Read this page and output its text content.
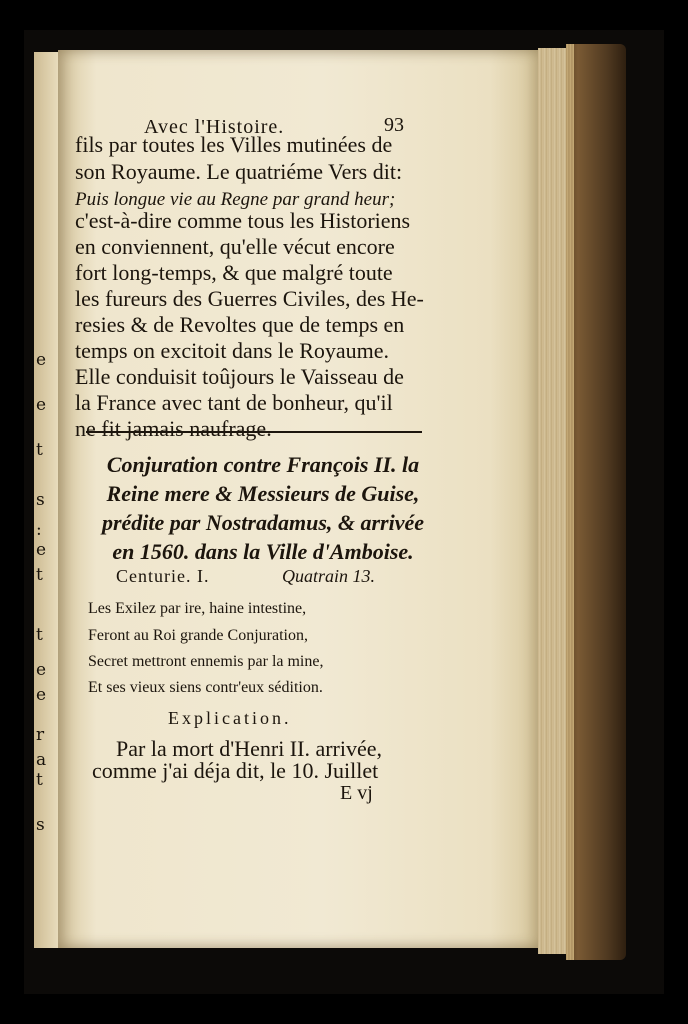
e
e
t
s
:
e
t
t
e
e
r
a
t
s
Avec l'Histoire.	93
fils par toutes les Villes mutinées de
son Royaume. Le quatriéme Vers dit:
Puis longue vie au Regne par grand heur;
c'est-à-dire comme tous les Historiens
en conviennent, qu'elle vécut encore
fort long-temps, & que malgré toute
les fureurs des Guerres Civiles, des He-
resies & de Revoltes que de temps en
temps on excitoit dans le Royaume.
Elle conduisit toûjours le Vaisseau de
la France avec tant de bonheur, qu'il
ne fit jamais naufrage.
Conjuration contre François II. la
Reine mere & Messieurs de Guise,
prédite par Nostradamus, & arrivée
en 1560. dans la Ville d'Amboise.
Centurie. I.	Quatrain 13.
Les Exilez par ire, haine intestine,
Feront au Roi grande Conjuration,
Secret mettront ennemis par la mine,
Et ses vieux siens contr'eux sédition.
Explication.
Par la mort d'Henri II. arrivée,
comme j'ai déja dit, le 10. Juillet
E vj
